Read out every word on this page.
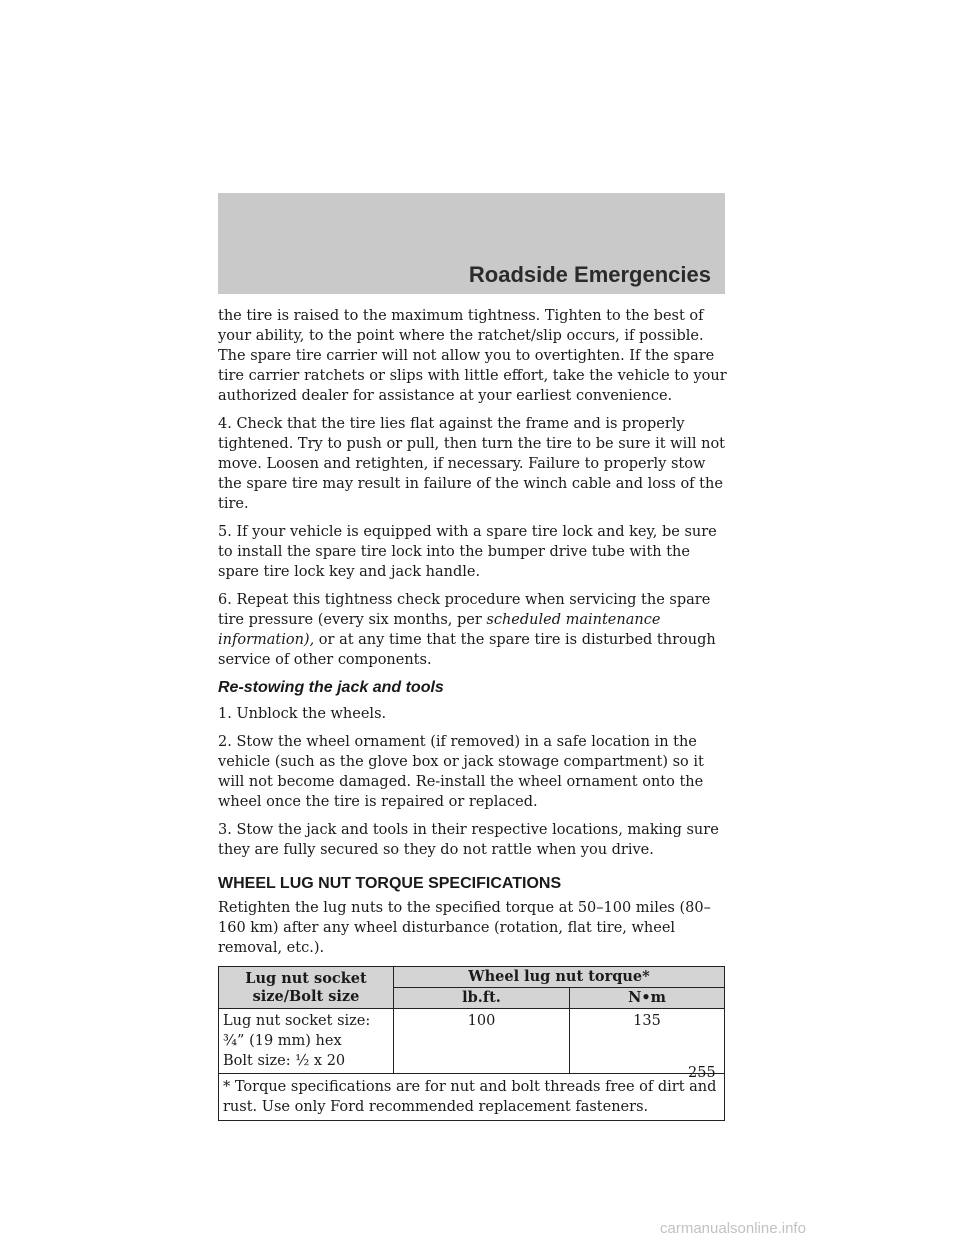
Roadside Emergencies

the tire is raised to the maximum tightness. Tighten to the best of your ability, to the point where the ratchet/slip occurs, if possible. The spare tire carrier will not allow you to overtighten. If the spare tire carrier ratchets or slips with little effort, take the vehicle to your authorized dealer for assistance at your earliest convenience.

4. Check that the tire lies flat against the frame and is properly tightened. Try to push or pull, then turn the tire to be sure it will not move. Loosen and retighten, if necessary. Failure to properly stow the spare tire may result in failure of the winch cable and loss of the tire.

5. If your vehicle is equipped with a spare tire lock and key, be sure to install the spare tire lock into the bumper drive tube with the spare tire lock key and jack handle.

6. Repeat this tightness check procedure when servicing the spare tire pressure (every six months, per scheduled maintenance information), or at any time that the spare tire is disturbed through service of other components.

Re-stowing the jack and tools

1. Unblock the wheels.

2. Stow the wheel ornament (if removed) in a safe location in the vehicle (such as the glove box or jack stowage compartment) so it will not become damaged. Re-install the wheel ornament onto the wheel once the tire is repaired or replaced.

3. Stow the jack and tools in their respective locations, making sure they are fully secured so they do not rattle when you drive.

WHEEL LUG NUT TORQUE SPECIFICATIONS

Retighten the lug nuts to the specified torque at 50–100 miles (80–160 km) after any wheel disturbance (rotation, flat tire, wheel removal, etc.).

Lug nut socket size/Bolt size	Wheel lug nut torque*	
	lb.ft.	N•m

Lug nut socket size:
¾” (19 mm) hex
Bolt size: ½ x 20	100	135
* Torque specifications are for nut and bolt threads free of dirt and rust. Use only Ford recommended replacement fasteners.		
255
carmanualsonline.info
